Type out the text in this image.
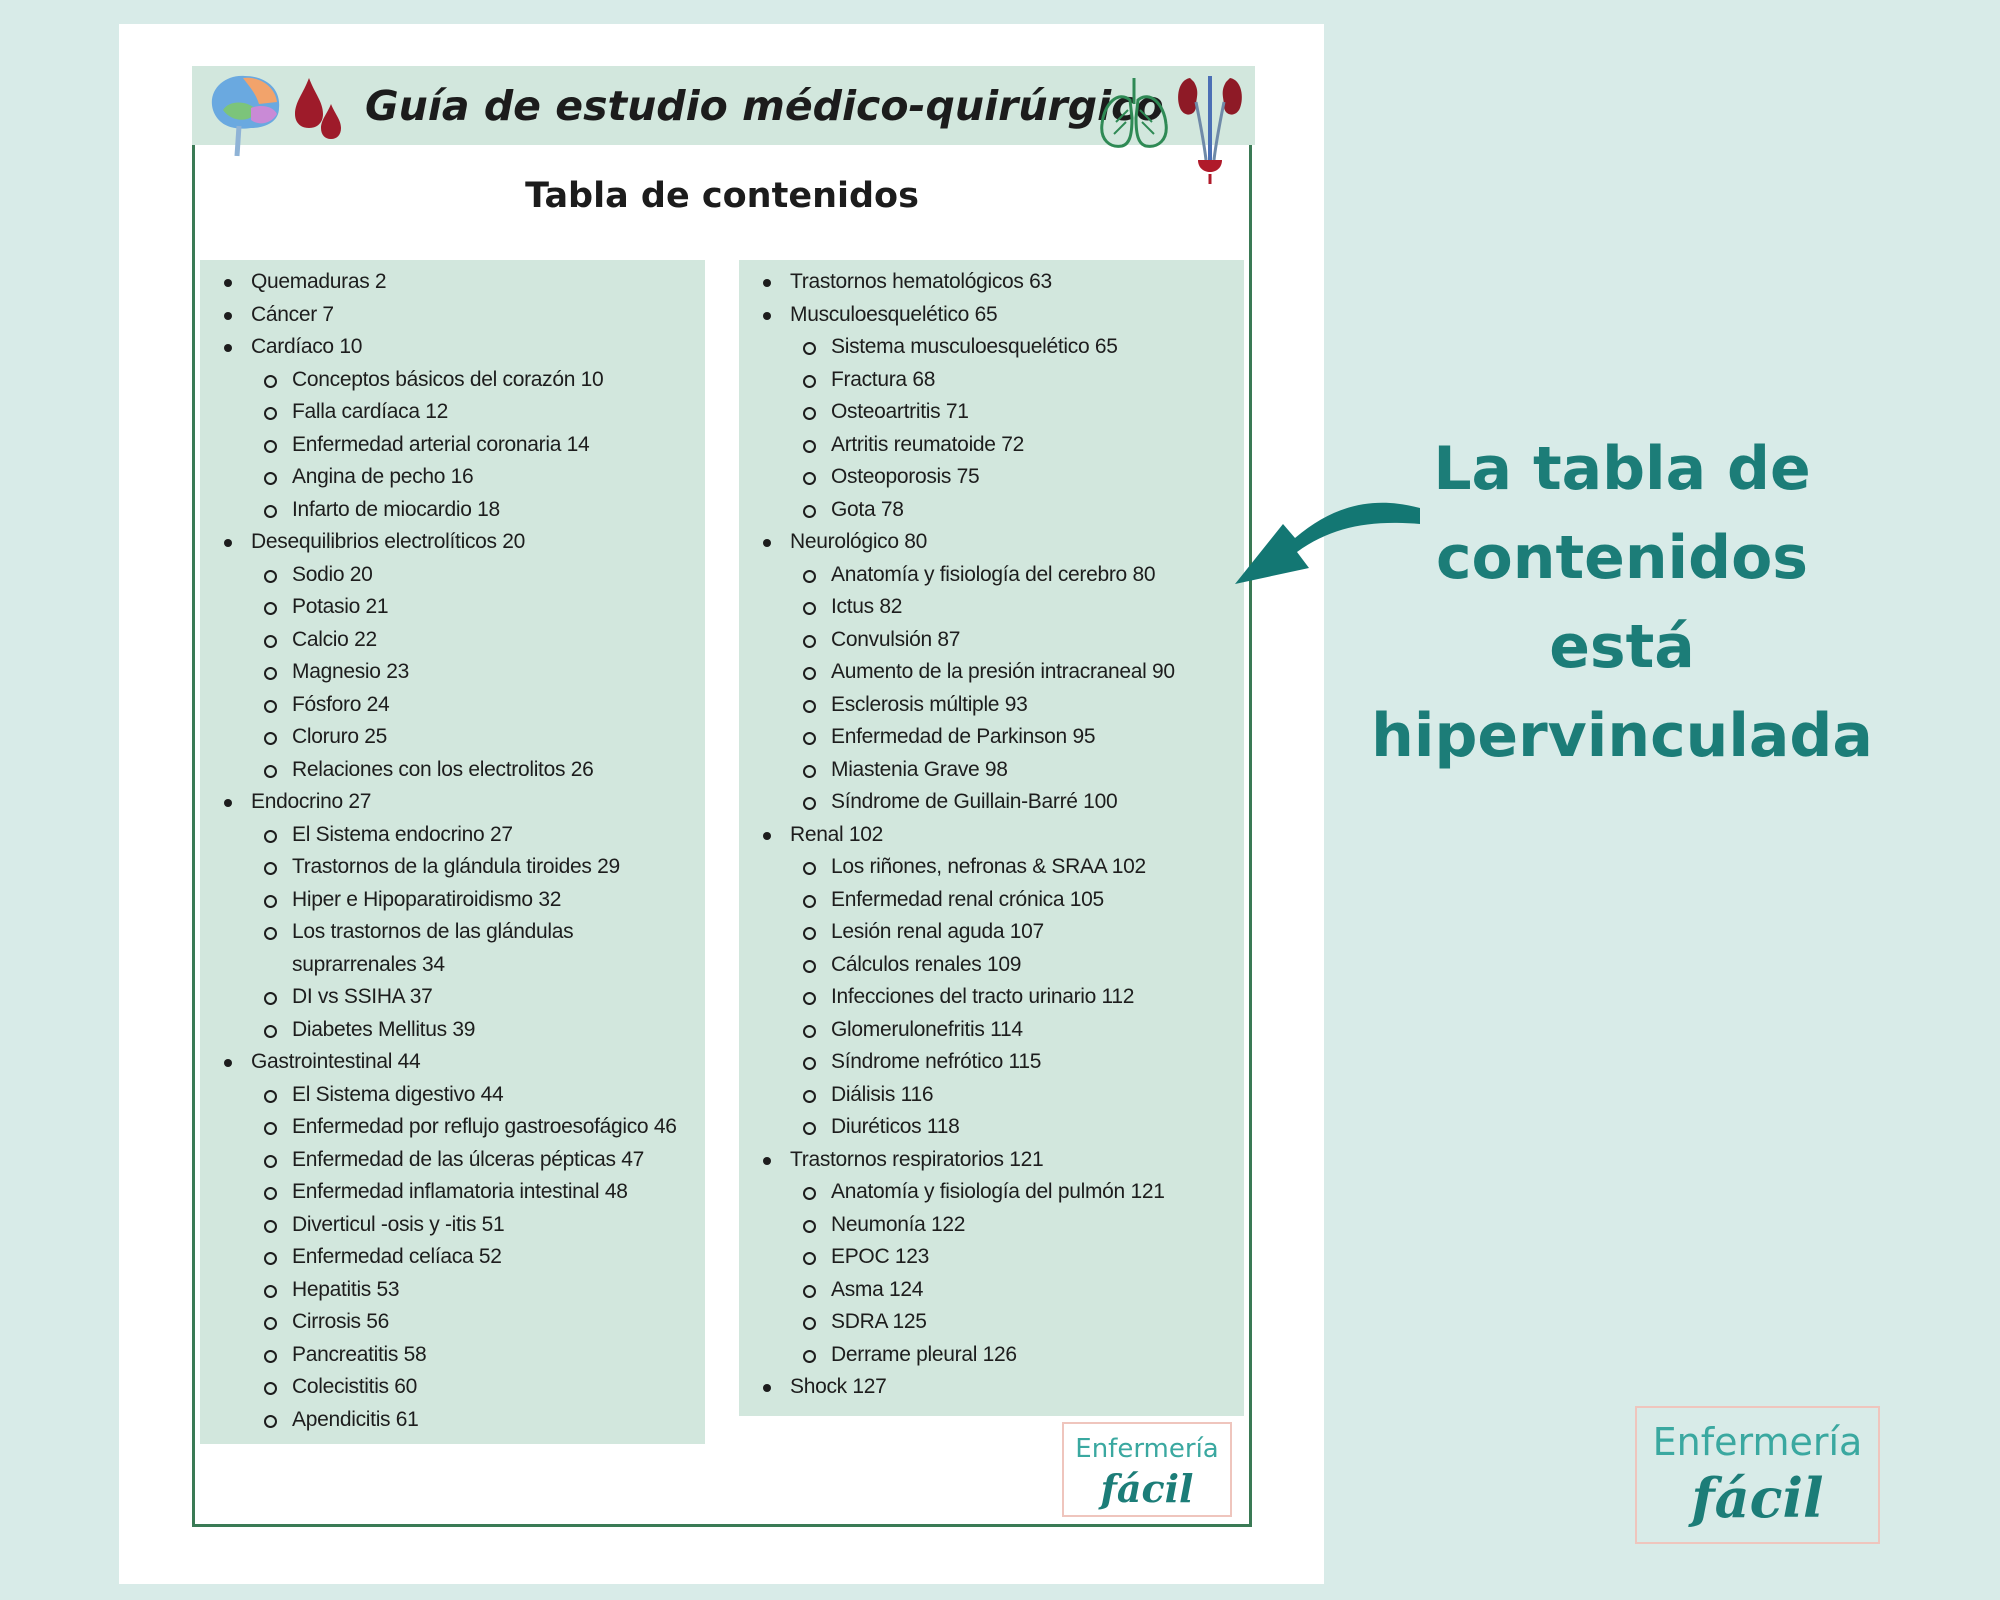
Guía de estudio médico-quirúrgico
Tabla de contenidos
Quemaduras 2
Cáncer 7
Cardíaco 10
Conceptos básicos del corazón 10
Falla cardíaca 12
Enfermedad arterial coronaria 14
Angina de pecho 16
Infarto de miocardio 18
Desequilibrios electrolíticos 20
Sodio 20
Potasio 21
Calcio 22
Magnesio 23
Fósforo 24
Cloruro 25
Relaciones con los electrolitos 26
Endocrino 27
El Sistema endocrino 27
Trastornos de la glándula tiroides 29
Hiper e Hipoparatiroidismo 32
Los trastornos de las glándulas
suprarrenales 34
DI vs SSIHA 37
Diabetes Mellitus 39
Gastrointestinal 44
El Sistema digestivo 44
Enfermedad por reflujo gastroesofágico 46
Enfermedad de las úlceras pépticas 47
Enfermedad inflamatoria intestinal 48
Diverticul -osis y -itis 51
Enfermedad celíaca 52
Hepatitis 53
Cirrosis 56
Pancreatitis 58
Colecistitis 60
Apendicitis 61
Trastornos hematológicos 63
Musculoesquelético 65
Sistema musculoesquelético 65
Fractura 68
Osteoartritis 71
Artritis reumatoide 72
Osteoporosis 75
Gota 78
Neurológico 80
Anatomía y fisiología del cerebro 80
Ictus 82
Convulsión 87
Aumento de la presión intracraneal 90
Esclerosis múltiple 93
Enfermedad de Parkinson 95
Miastenia Grave 98
Síndrome de Guillain-Barré 100
Renal 102
Los riñones, nefronas & SRAA 102
Enfermedad renal crónica 105
Lesión renal aguda 107
Cálculos renales 109
Infecciones del tracto urinario 112
Glomerulonefritis 114
Síndrome nefrótico 115
Diálisis 116
Diuréticos 118
Trastornos respiratorios 121
Anatomía y fisiología del pulmón 121
Neumonía 122
EPOC 123
Asma 124
SDRA 125
Derrame pleural 126
Shock 127
Enfermería
fácil
La tabla de
contenidos
está
hipervinculada
Enfermería
fácil
